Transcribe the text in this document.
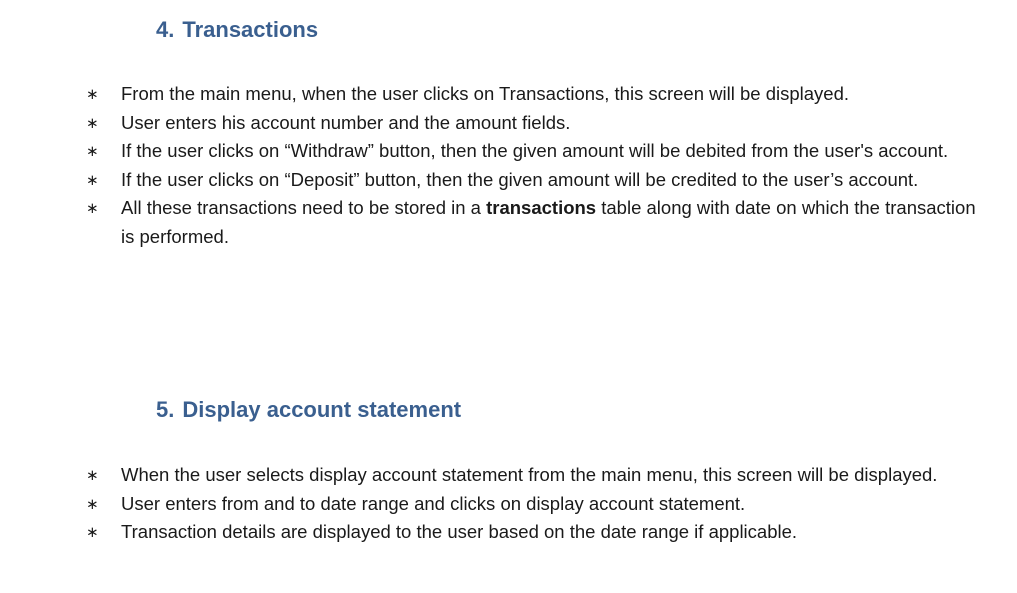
4. Transactions
∗ From the main menu, when the user clicks on Transactions, this screen will be displayed.
∗ User enters his account number and the amount fields.
∗ If the user clicks on “Withdraw” button, then the given amount will be debited from the user's account.
∗ If the user clicks on “Deposit” button, then the given amount will be credited to the user’s account.
∗ All these transactions need to be stored in a transactions table along with date on which the transaction is performed.
5. Display account statement
∗ When the user selects display account statement from the main menu, this screen will be displayed.
∗ User enters from and to date range and clicks on display account statement.
∗ Transaction details are displayed to the user based on the date range if applicable.
